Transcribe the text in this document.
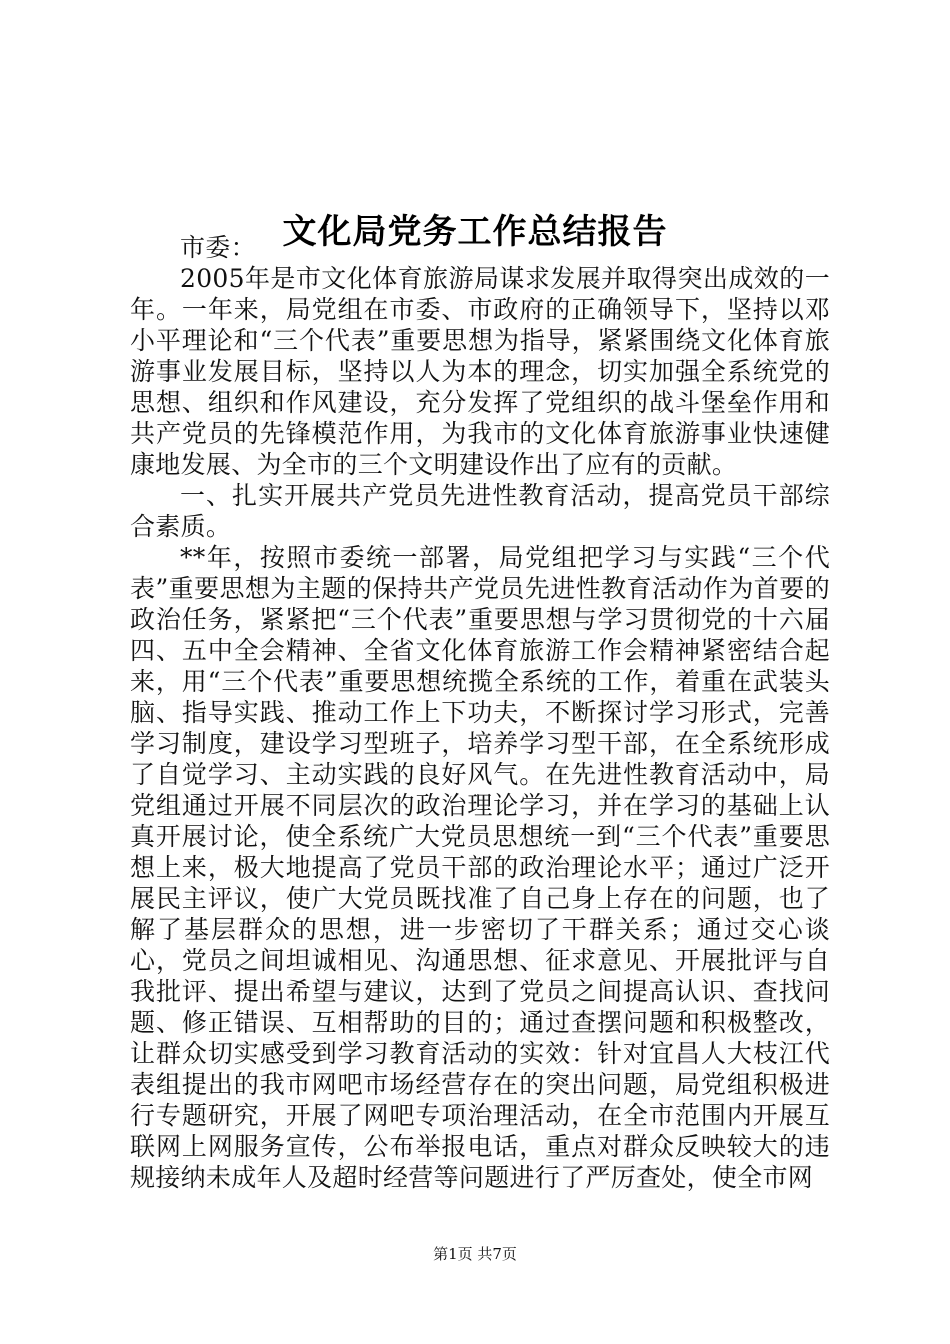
文化局党务工作总结报告

市委：

2005年是市文化体育旅游局谋求发展并取得突出成效的一年。一年来，局党组在市委、市政府的正确领导下，坚持以邓小平理论和“三个代表”重要思想为指导，紧紧围绕文化体育旅游事业发展目标，坚持以人为本的理念，切实加强全系统党的思想、组织和作风建设，充分发挥了党组织的战斗堡垒作用和共产党员的先锋模范作用，为我市的文化体育旅游事业快速健康地发展、为全市的三个文明建设作出了应有的贡献。

一、扎实开展共产党员先进性教育活动，提高党员干部综合素质。

**年，按照市委统一部署，局党组把学习与实践“三个代表”重要思想为主题的保持共产党员先进性教育活动作为首要的政治任务，紧紧把“三个代表”重要思想与学习贯彻党的十六届四、五中全会精神、全省文化体育旅游工作会精神紧密结合起来，用“三个代表”重要思想统揽全系统的工作，着重在武装头脑、指导实践、推动工作上下功夫，不断探讨学习形式，完善学习制度，建设学习型班子，培养学习型干部，在全系统形成了自觉学习、主动实践的良好风气。在先进性教育活动中，局党组通过开展不同层次的政治理论学习，并在学习的基础上认真开展讨论，使全系统广大党员思想统一到“三个代表”重要思想上来，极大地提高了党员干部的政治理论水平；通过广泛开展民主评议，使广大党员既找准了自己身上存在的问题，也了解了基层群众的思想，进一步密切了干群关系；通过交心谈心，党员之间坦诚相见、沟通思想、征求意见、开展批评与自我批评、提出希望与建议，达到了党员之间提高认识、查找问题、修正错误、互相帮助的目的；通过查摆问题和积极整改，让群众切实感受到学习教育活动的实效：针对宜昌人大枝江代表组提出的我市网吧市场经营存在的突出问题，局党组积极进行专题研究，开展了网吧专项治理活动，在全市范围内开展互联网上网服务宣传，公布举报电话，重点对群众反映较大的违规接纳未成年人及超时经营等问题进行了严厉查处，使全市网

第1页 共7页
